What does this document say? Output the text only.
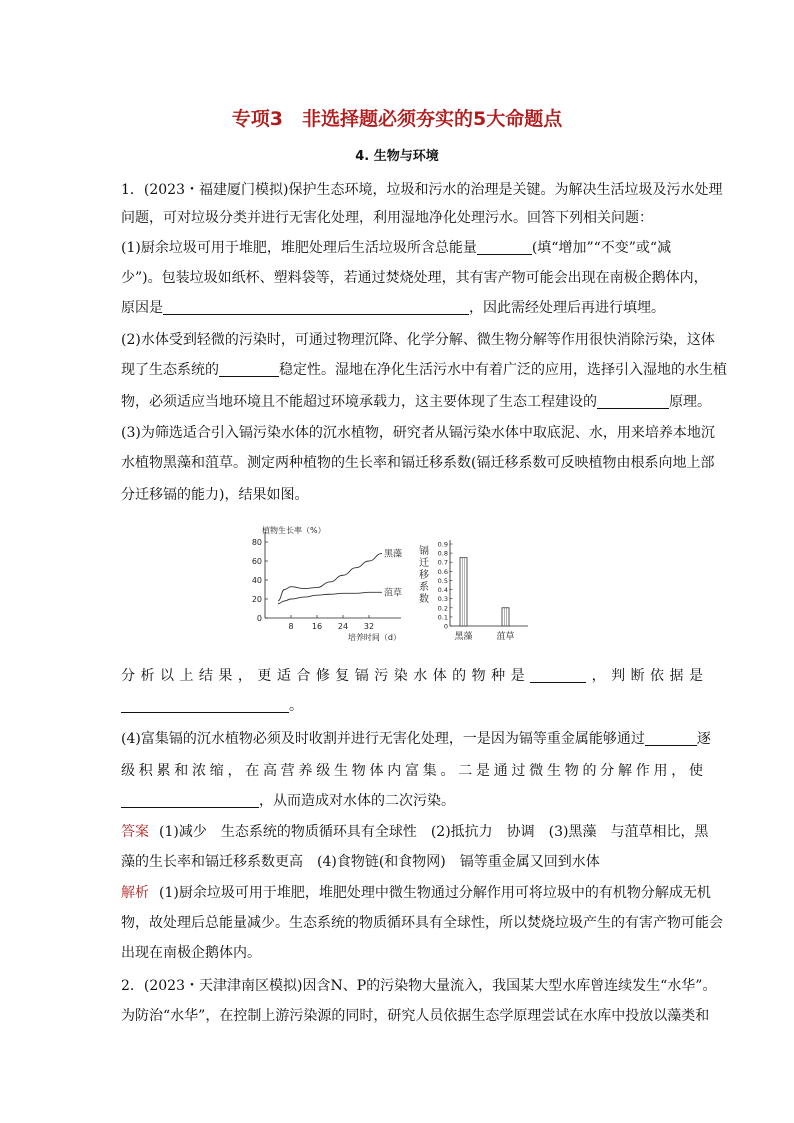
专项3　非选择题必须夯实的5大命题点
4. 生物与环境
1．(2023・福建厦门模拟)保护生态环境，垃圾和污水的治理是关键。为解决生活垃圾及污水处理
问题，可对垃圾分类并进行无害化处理，利用湿地净化处理污水。回答下列相关问题：
(1)厨余垃圾可用于堆肥，堆肥处理后生活垃圾所含总能量	(填“增加”“不变”或“减
少”)。包装垃圾如纸杯、塑料袋等，若通过焚烧处理，其有害产物可能会出现在南极企鹅体内，
原因是	，因此需经处理后再进行填埋。
(2)水体受到轻微的污染时，可通过物理沉降、化学分解、微生物分解等作用很快消除污染，这体
现了生态系统的	稳定性。湿地在净化生活污水中有着广泛的应用，选择引入湿地的水生植
物，必须适应当地环境且不能超过环境承载力，这主要体现了生态工程建设的	原理。
(3)为筛选适合引入镉污染水体的沉水植物，研究者从镉污染水体中取底泥、水，用来培养本地沉
水植物黑藻和菹草。测定两种植物的生长率和镉迁移系数(镉迁移系数可反映植物由根系向地上部
分迁移镉的能力)，结果如图。
0
20
40
60
80
8 16 24 32
植物生长率（%）
培养时间（d）
黑藻
菹草
0
0.1
0.2
0.3
0.4
0.5
0.6
0.7
0.8
0.9
镉
迁
移
系
数
黑藻	菹草
分析以上结果，更适合修复镉污染水体的物种是	，判断依据是
。
(4)富集镉的沉水植物必须及时收割并进行无害化处理，一是因为镉等重金属能够通过	逐
级积累和浓缩，在高营养级生物体内富集。二是通过微生物的分解作用，使
，从而造成对水体的二次污染。
答案 (1)减少　生态系统的物质循环具有全球性　(2)抵抗力　协调　(3)黑藻　与菹草相比，黑
藻的生长率和镉迁移系数更高　(4)食物链(和食物网)　镉等重金属又回到水体
解析 (1)厨余垃圾可用于堆肥，堆肥处理中微生物通过分解作用可将垃圾中的有机物分解成无机
物，故处理后总能量减少。生态系统的物质循环具有全球性，所以焚烧垃圾产生的有害产物可能会
出现在南极企鹅体内。
2．(2023・天津津南区模拟)因含N、P的污染物大量流入，我国某大型水库曾连续发生“水华”。
为防治“水华”，在控制上游污染源的同时，研究人员依据生态学原理尝试在水库中投放以藻类和
